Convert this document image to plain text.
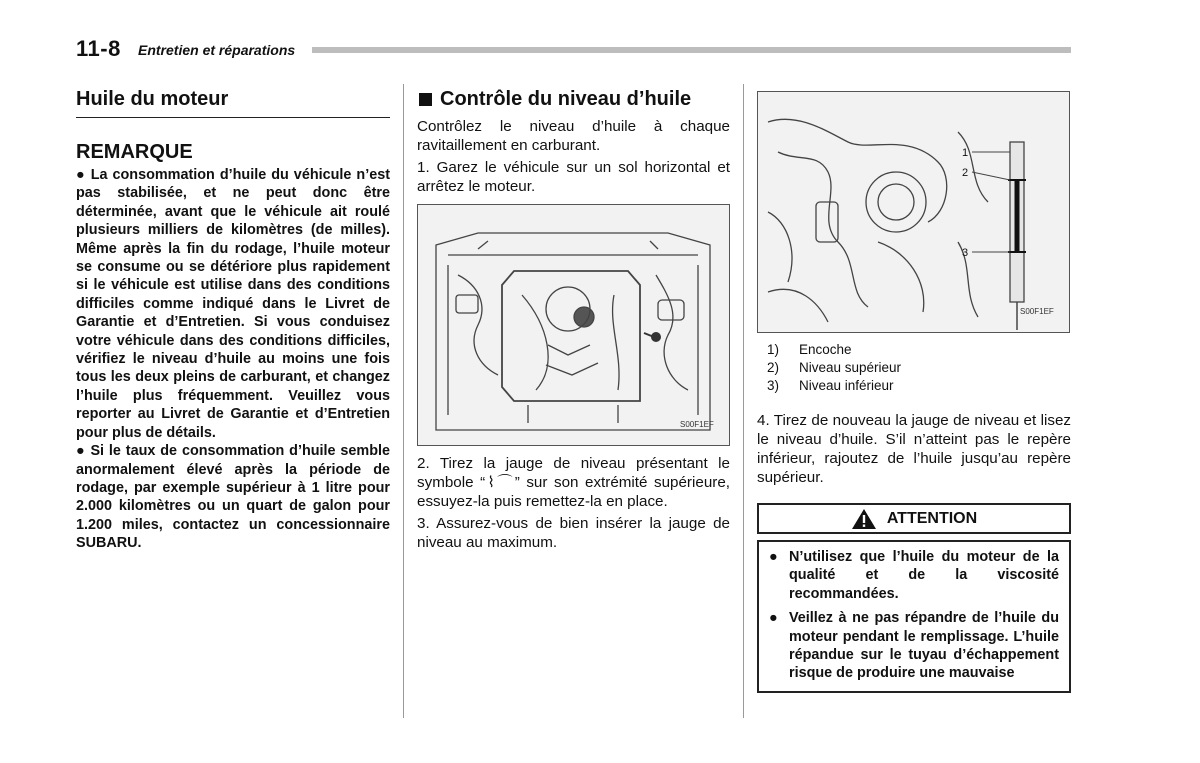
11-8 Entretien et réparations
Huile du moteur
REMARQUE

● La consommation d’huile du véhicule n’est pas stabilisée, et ne peut donc être déterminée, avant que le véhicule ait roulé plusieurs milliers de kilomètres (de milles). Même après la fin du rodage, l’huile moteur se consume ou se détériore plus rapidement si le véhicule est utilise dans des conditions difficiles comme indiqué dans le Livret de Garantie et d’Entretien. Si vous conduisez votre véhicule dans des conditions difficiles, vérifiez le niveau d’huile au moins une fois tous les deux pleins de carburant, et changez l’huile plus fréquemment. Veuillez vous reporter au Livret de Garantie et d’Entretien pour plus de détails.

● Si le taux de consommation d’huile semble anormalement élevé après la période de rodage, par exemple supérieur à 1 litre pour 2.000 kilomètres ou un quart de galon pour 1.200 miles, contactez un concessionnaire SUBARU.

Contrôle du niveau d’huile

Contrôlez le niveau d’huile à chaque ravitaillement en carburant.

1. Garez le véhicule sur un sol horizontal et arrêtez le moteur.

S00F1EF

2. Tirez la jauge de niveau présentant le symbole “⌇⌒” sur son extrémité supérieure, essuyez-la puis remettez-la en place.

3. Assurez-vous de bien insérer la jauge de niveau au maximum.

1
2
3
S00F1EF
1)	Encoche
2)	Niveau supérieur
3)	Niveau inférieur

4. Tirez de nouveau la jauge de niveau et lisez le niveau d’huile. S’il n’atteint pas le repère inférieur, rajoutez de l’huile jusqu’au repère supérieur.

ATTENTION
● N’utilisez que l’huile du moteur de la qualité et de la viscosité recommandées.
● Veillez à ne pas répandre de l’huile du moteur pendant le remplissage. L’huile répandue sur le tuyau d’échappement risque de produire une mauvaise
